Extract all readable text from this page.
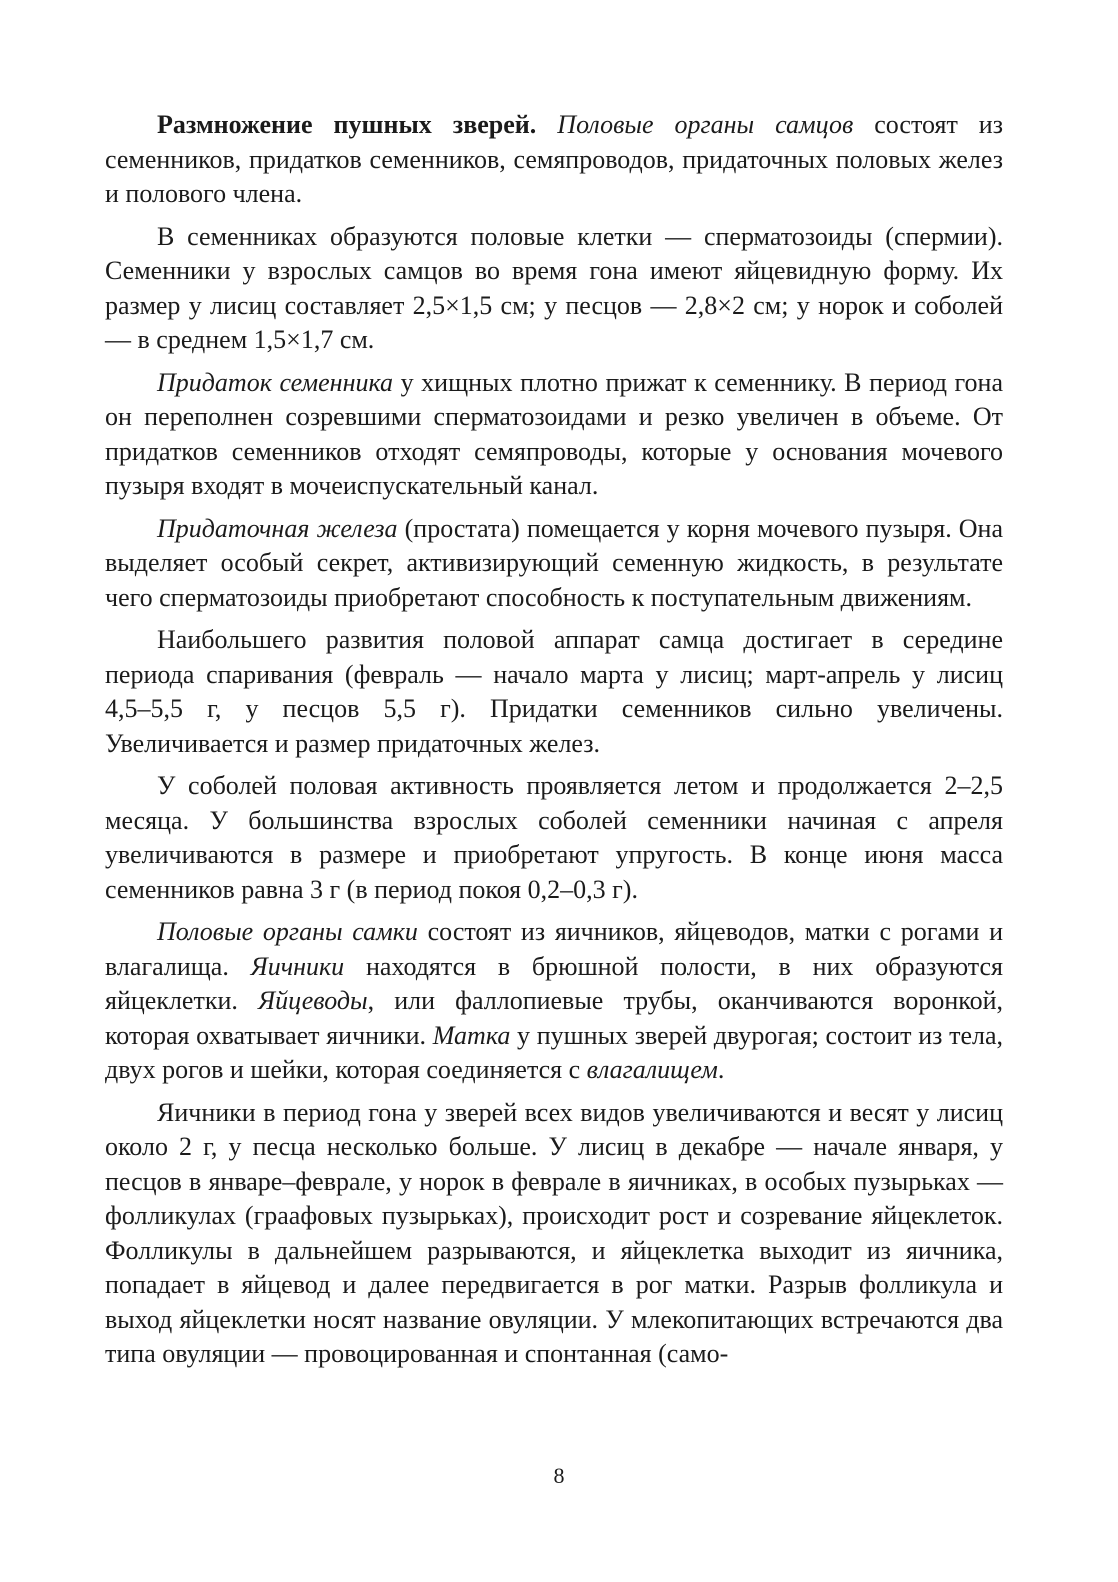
Размножение пушных зверей. Половые органы самцов состоят из семенников, придатков семенников, семяпроводов, придаточных половых желез и полового члена.

В семенниках образуются половые клетки — сперматозоиды (спермии). Семенники у взрослых самцов во время гона имеют яйцевидную форму. Их размер у лисиц составляет 2,5×1,5 см; у песцов — 2,8×2 см; у норок и соболей — в среднем 1,5×1,7 см.

Придаток семенника у хищных плотно прижат к семеннику. В период гона он переполнен созревшими сперматозоидами и резко увеличен в объеме. От придатков семенников отходят семяпроводы, которые у основания мочевого пузыря входят в мочеиспускательный канал.

Придаточная железа (простата) помещается у корня мочевого пузыря. Она выделяет особый секрет, активизирующий семенную жидкость, в результате чего сперматозоиды приобретают способность к поступательным движениям.

Наибольшего развития половой аппарат самца достигает в середине периода спаривания (февраль — начало марта у лисиц; март-апрель у лисиц 4,5–5,5 г, у песцов 5,5 г). Придатки семенников сильно увеличены. Увеличивается и размер придаточных желез.

У соболей половая активность проявляется летом и продолжается 2–2,5 месяца. У большинства взрослых соболей семенники начиная с апреля увеличиваются в размере и приобретают упругость. В конце июня масса семенников равна 3 г (в период покоя 0,2–0,3 г).

Половые органы самки состоят из яичников, яйцеводов, матки с рогами и влагалища. Яичники находятся в брюшной полости, в них образуются яйцеклетки. Яйцеводы, или фаллопиевые трубы, оканчиваются воронкой, которая охватывает яичники. Матка у пушных зверей двурогая; состоит из тела, двух рогов и шейки, которая соединяется с влагалищем.

Яичники в период гона у зверей всех видов увеличиваются и весят у лисиц около 2 г, у песца несколько больше. У лисиц в декабре — начале января, у песцов в январе–феврале, у норок в феврале в яичниках, в особых пузырьках — фолликулах (граафовых пузырьках), происходит рост и созревание яйцеклеток. Фолликулы в дальнейшем разрываются, и яйцеклетка выходит из яичника, попадает в яйцевод и далее передвигается в рог матки. Разрыв фолликула и выход яйцеклетки носят название овуляции. У млекопитающих встречаются два типа овуляции — провоцированная и спонтанная (само-

8
